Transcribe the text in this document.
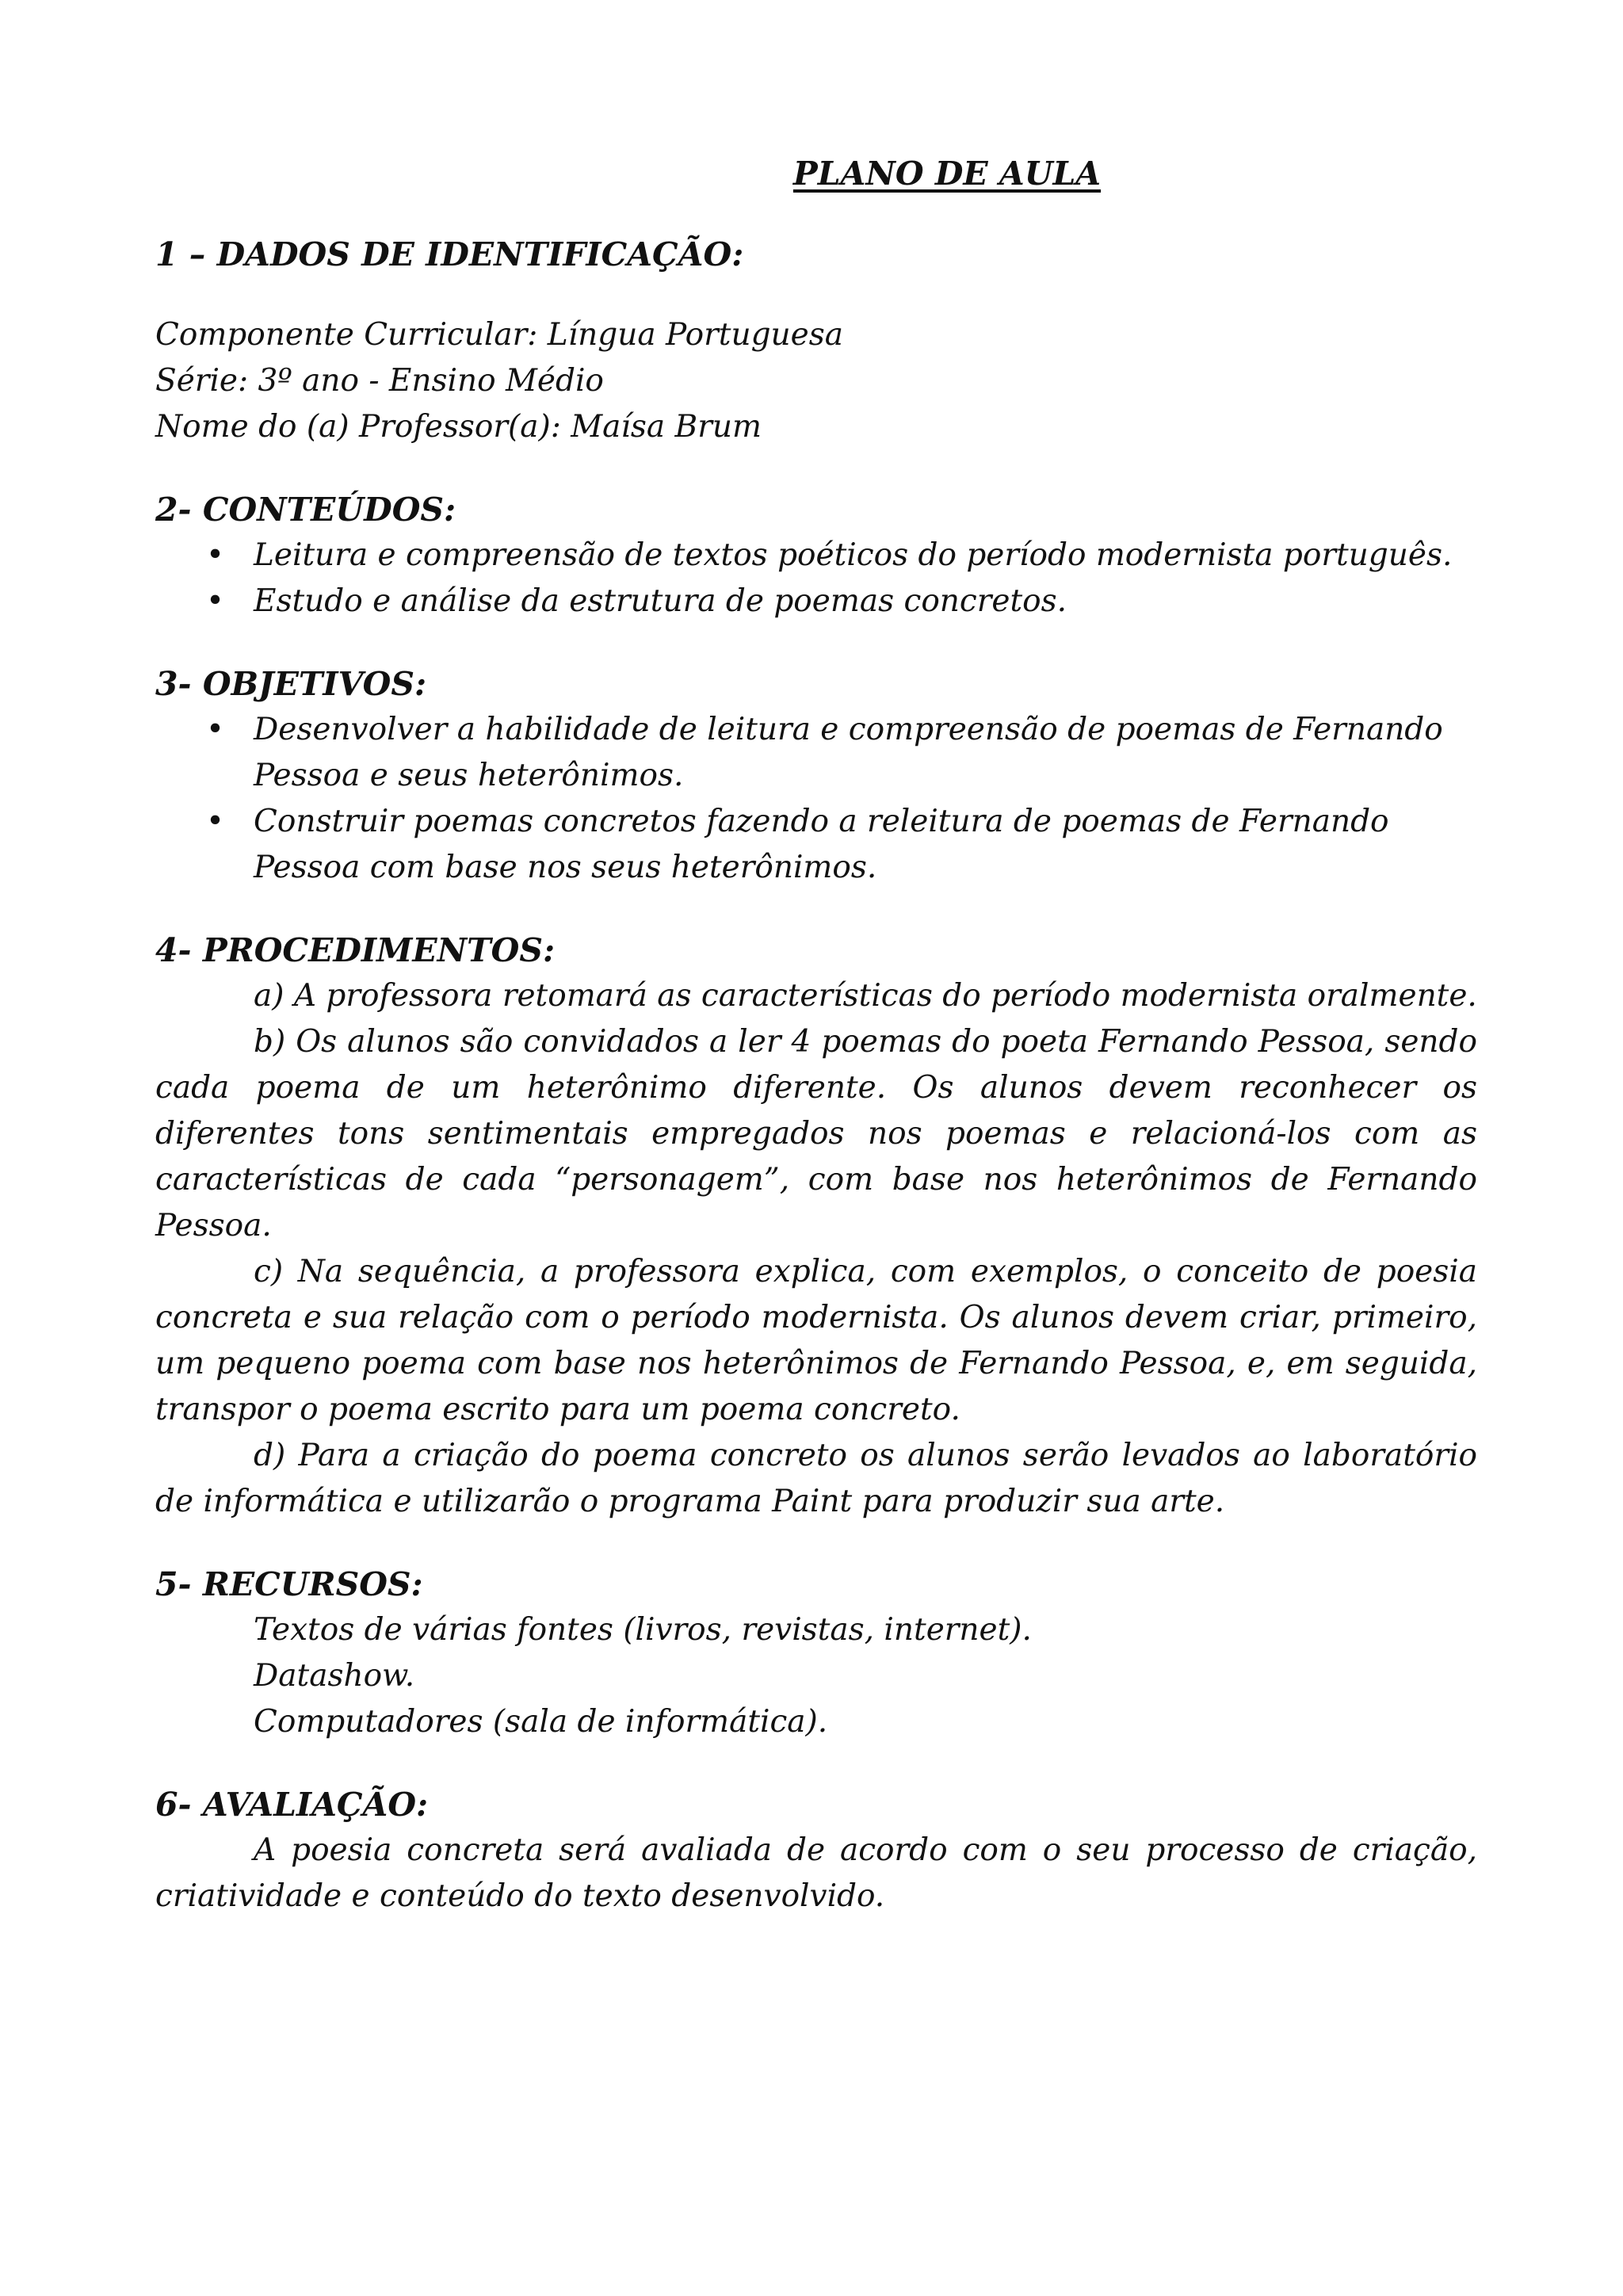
PLANO DE AULA

1 – DADOS DE IDENTIFICAÇÃO:

Componente Curricular: Língua Portuguesa

Série: 3º ano - Ensino Médio

Nome do (a) Professor(a): Maísa Brum

2- CONTEÚDOS:

• Leitura e compreensão de textos poéticos do período modernista português.
• Estudo e análise da estrutura de poemas concretos.

3- OBJETIVOS:

• Desenvolver a habilidade de leitura e compreensão de poemas de Fernando Pessoa e seus heterônimos.
• Construir poemas concretos fazendo a releitura de poemas de Fernando Pessoa com base nos seus heterônimos.

4- PROCEDIMENTOS:

a) A professora retomará as características do período modernista oralmente.

b) Os alunos são convidados a ler 4 poemas do poeta Fernando Pessoa, sendo cada poema de um heterônimo diferente. Os alunos devem reconhecer os diferentes tons sentimentais empregados nos poemas e relacioná-los com as características de cada “personagem”, com base nos heterônimos de Fernando Pessoa.

c) Na sequência, a professora explica, com exemplos, o conceito de poesia concreta e sua relação com o período modernista. Os alunos devem criar, primeiro, um pequeno poema com base nos heterônimos de Fernando Pessoa, e, em seguida, transpor o poema escrito para um poema concreto.

d) Para a criação do poema concreto os alunos serão levados ao laboratório de informática e utilizarão o programa Paint para produzir sua arte.

5- RECURSOS:

Textos de várias fontes (livros, revistas, internet).

Datashow.

Computadores (sala de informática).

6- AVALIAÇÃO:

A poesia concreta será avaliada de acordo com o seu processo de criação, criatividade e conteúdo do texto desenvolvido.
